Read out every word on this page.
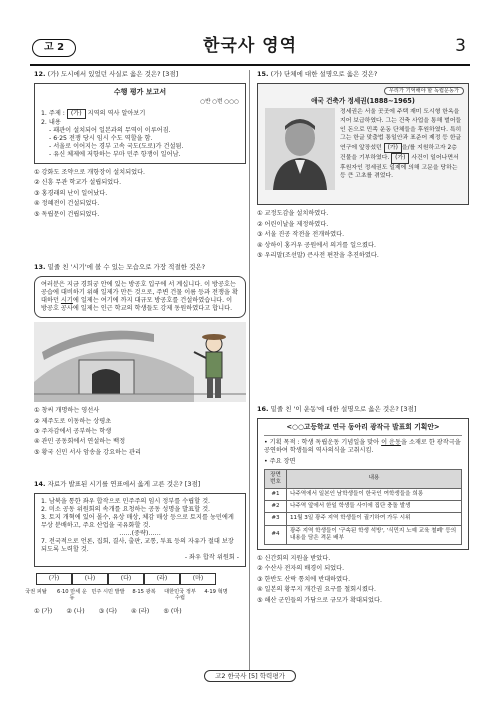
고 2	한국사 영역	3
12. (가) 도시에서 있었던 사실로 옳은 것은? [3점]
수행 평가 보고서
○반 ○번 ○○○
1. 주제 : (가) 지역의 역사 알아보기
2. 내용
- 패관이 설치되어 일본과의 무역이 이루어짐.
- 6·25 전쟁 당시 임시 수도 역할을 함.
- 서울로 이어지는 경부 고속 국도(도로)가 건설됨.
- 유신 체제에 저항하는 부마 민주 항쟁이 일어남.
① 강화도 조약으로 개항장이 설치되었다.
② 신흥 무관 학교가 설립되었다.
③ 홍경래의 난이 일어났다.
④ 정혜전이 건설되었다.
⑤ 독립문이 건립되었다.
13. 밑줄 친 '시기'에 볼 수 있는 모습으로 가장 적절한 것은?
여러분은 지금 경희궁 안에 있는 방공호 입구에 서 계십니다. 이 방공호는 공습에 대비하기 위해 일제가 만든 것으로, 주변 건물 이름 등과 전쟁을 확대하던 시기에 일제는 여기에 까지 대규모 방공호를 건설하였습니다. 이 방공호 공사에 일제는 인근 학교의 학생들도 강제 동원하였다고 합니다.
① 창씨 개명하는 영선사
② 제주도로 이동하는 상평초
③ 주자감에서 공부하는 학생
④ 관민 공동회에서 연설하는 백정
⑤ 황국 신민 서사 암송을 강요하는 관리
14. 자료가 발표된 시기를 연표에서 옳게 고른 것은? [3점]
1. 남북을 통한 좌우 합작으로 민주주의 임시 정부를 수립할 것.
2. 미소 공동 위원회의 속개를 요청하는 공동 성명을 발표할 것.
3. 토지 개혁에 있어 몰수, 유상 매상, 체감 매상 등으로 토지를 농민에게 무상 분배하고, 주요 산업을 국유화할 것.
……(중략)……
7. 전국적으로 언론, 집회, 결사, 출판, 교통, 투표 등의 자유가 절대 보장되도록 노력할 것.
- 좌우 합작 위원회 -
(가)	(나)	(다)	(라)	(마)
국권 피탈	6·10 만세 운동
민주 시민 발발	8·15 광복	대한민국 정부 수립
4·19 혁명
① (가) ② (나) ③ (다) ④ (라) ⑤ (마)
15. (가) 단체에 대한 설명으로 옳은 것은?
우리가 기억해야 할 독립운동가
애국 건축가 정세권(1888~1965)
정세권은 서울 곳곳에 주택 재미 도시형 한옥을 지어 보급하였다. 그는 건축 사업을 통해 벌어들인 돈으로 민족 운동 단체들을 후원하였다. 특히 그는 한글 맞춤법 통일안과 표준어 제정 등 한글 연구에 앞장섰던 (가) 을/를 지원하고자 2층 건물을 기부하였다. (가) 사건이 일어나면서 후원자인 정세권도 일제에 의해 고문을 당하는 등 큰 고초를 겪었다.
① 교정도감을 설치하였다.
② 어린이날을 제정하였다.
③ 서울 진공 작전을 전개하였다.
④ 상하이 홍커우 공원에서 의거를 일으켰다.
⑤ 우리말(조선말) 큰사전 편찬을 추진하였다.
16. 밑줄 친 '이 운동'에 대한 설명으로 옳은 것은? [3점]
<○○고등학교 연극 동아리 광작극 발표회 기획안>
• 기획 목적 : 학생 독립운동 기념일을 맞아 이 운동을 소재로 한 광작극을 공연하여 학생들의 역사의식을 고취시킴.
• 주요 장면
장면 번호	내용
#1	나주역에서 일본인 남학생들이 한국인 여학생들을 희롱
#2	나주역 앞에서 한일 학생들 사이에 집단 충돌 발생
#3	11월 3일 광주 지역 학생들이 궐기하여 가두 시위
#4	광주 지역 학생들이 '구속된 학생 석방', '식민지 노예 교육 철폐' 등의 내용을 담은 격문 배부
① 신간회의 지원을 받았다.
② 수산사 전자의 배경이 되었다.
③ 한반도 산락 통치에 반대하였다.
④ 일본의 황무지 개간권 요구를 철회시켰다.
⑤ 해산 군인들의 가담으로 규모가 확대되었다.
고2 한국사 [5] 학력평가
